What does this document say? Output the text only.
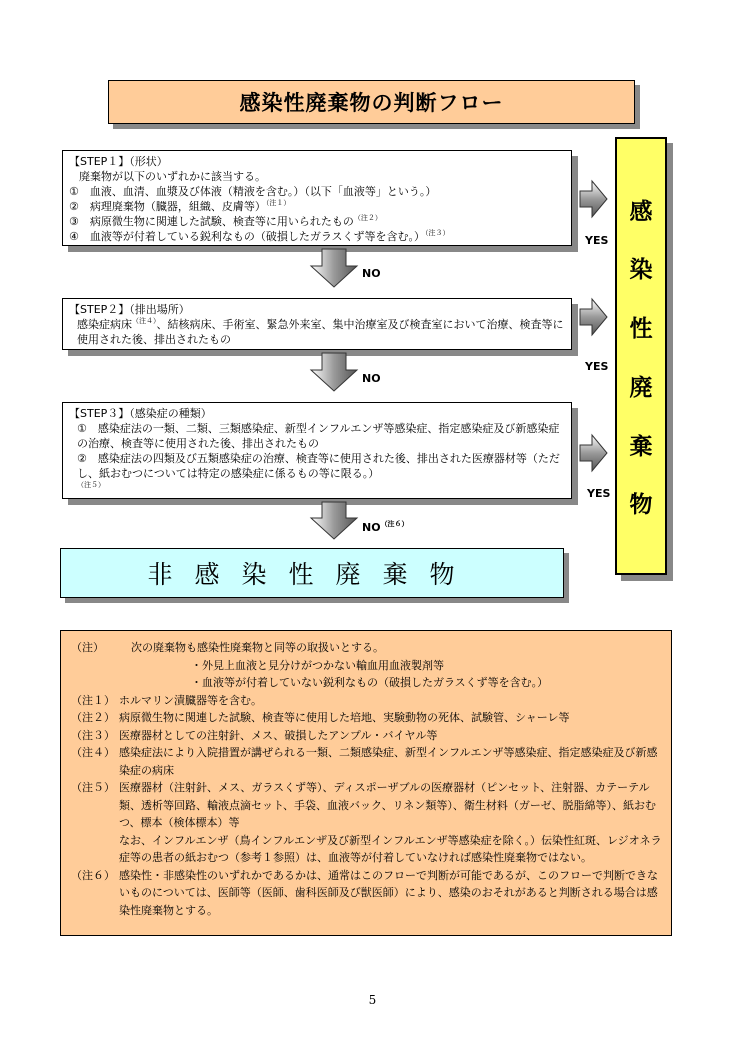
感染性廃棄物の判断フロー
【STEP１】（形状）
廃棄物が以下のいずれかに該当する。
①　血液、血清、血漿及び体液（精液を含む。）（以下「血液等」という。）
②　病理廃棄物（臓器，組織、皮膚等）$^{(注1)}$
③　病原微生物に関連した試験、検査等に用いられたもの$^{(注2)}$
④　血液等が付着している鋭利なもの（破損したガラスくず等を含む。）$^{(注3)}$
【STEP２】（排出場所）
感染症病床$^{(注4)}$、結核病床、手術室、緊急外来室、集中治療室及び検査室において治療、検査等に使用された後、排出されたもの
【STEP３】（感染症の種類）
①　感染症法の一類、二類、三類感染症、新型インフルエンザ等感染症、指定感染症及び新感染症の治療、検査等に使用された後、排出されたもの
②　感染症法の四類及び五類感染症の治療、検査等に使用された後、排出された医療器材等（ただし、紙おむつについては特定の感染症に係るもの等に限る。）
$^{(注5)}$
YES
YES
YES
NO
NO
$NO^{(注6)}$
感
染
性
廃
棄
物
非感染性廃棄物
（注）	次の廃棄物も感染性廃棄物と同等の取扱いとする。
・外見上血液と見分けがつかない輸血用血液製剤等
・血液等が付着していない鋭利なもの（破損したガラスくず等を含む。）
（注１） ホルマリン漬臓器等を含む。
（注２） 病原微生物に関連した試験、検査等に使用した培地、実験動物の死体、試験管、シャーレ等
（注３） 医療器材としての注射針、メス、破損したアンプル・バイヤル等
（注４） 感染症法により入院措置が講ぜられる一類、二類感染症、新型インフルエンザ等感染症、指定感染症及び新感染症の病床
（注５） 医療器材（注射針、メス、ガラスくず等）、ディスポーザブルの医療器材（ピンセット、注射器、カテーテル類、透析等回路、輸液点滴セット、手袋、血液バック、リネン類等）、衛生材料（ガーゼ、脱脂綿等）、紙おむつ、標本（検体標本）等
なお、インフルエンザ（鳥インフルエンザ及び新型インフルエンザ等感染症を除く。）伝染性紅斑、レジオネラ症等の患者の紙おむつ（参考１参照）は、血液等が付着していなければ感染性廃棄物ではない。
（注６） 感染性・非感染性のいずれかであるかは、通常はこのフローで判断が可能であるが、このフローで判断できないものについては、医師等（医師、歯科医師及び獣医師）により、感染のおそれがあると判断される場合は感染性廃棄物とする。
5
